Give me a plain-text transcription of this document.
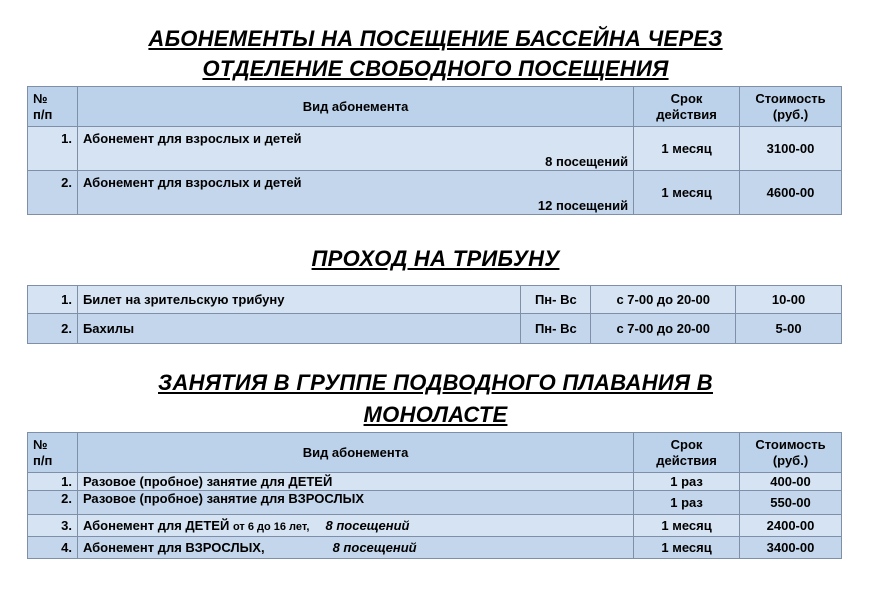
АБОНЕМЕНТЫ НА ПОСЕЩЕНИЕ БАССЕЙНА ЧЕРЕЗ
ОТДЕЛЕНИЕ СВОБОДНОГО ПОСЕЩЕНИЯ
№
п/п	Вид абонемента	Срок
действия	Стоимость
(руб.)
1.	Абонемент для взрослых и детей
8 посещений	1 месяц	3100-00
2.	Абонемент для взрослых и детей
12 посещений	1 месяц	4600-00
ПРОХОД НА ТРИБУНУ
1.	Билет на зрительскую трибуну	Пн- Вс	с 7-00 до 20-00	10-00
2.	Бахилы	Пн- Вс	с 7-00 до 20-00	5-00
ЗАНЯТИЯ В ГРУППЕ ПОДВОДНОГО ПЛАВАНИЯ В
МОНОЛАСТЕ
№
п/п	Вид абонемента	Срок
действия	Стоимость
(руб.)
1.	Разовое (пробное) занятие для ДЕТЕЙ	1 раз	400-00
2.	Разовое (пробное) занятие для ВЗРОСЛЫХ	1 раз	550-00
3.	Абонемент для ДЕТЕЙ от 6 до 16 лет, 8 посещений	1 месяц	2400-00
4.	Абонемент для ВЗРОСЛЫХ, 8 посещений	1 месяц	3400-00
